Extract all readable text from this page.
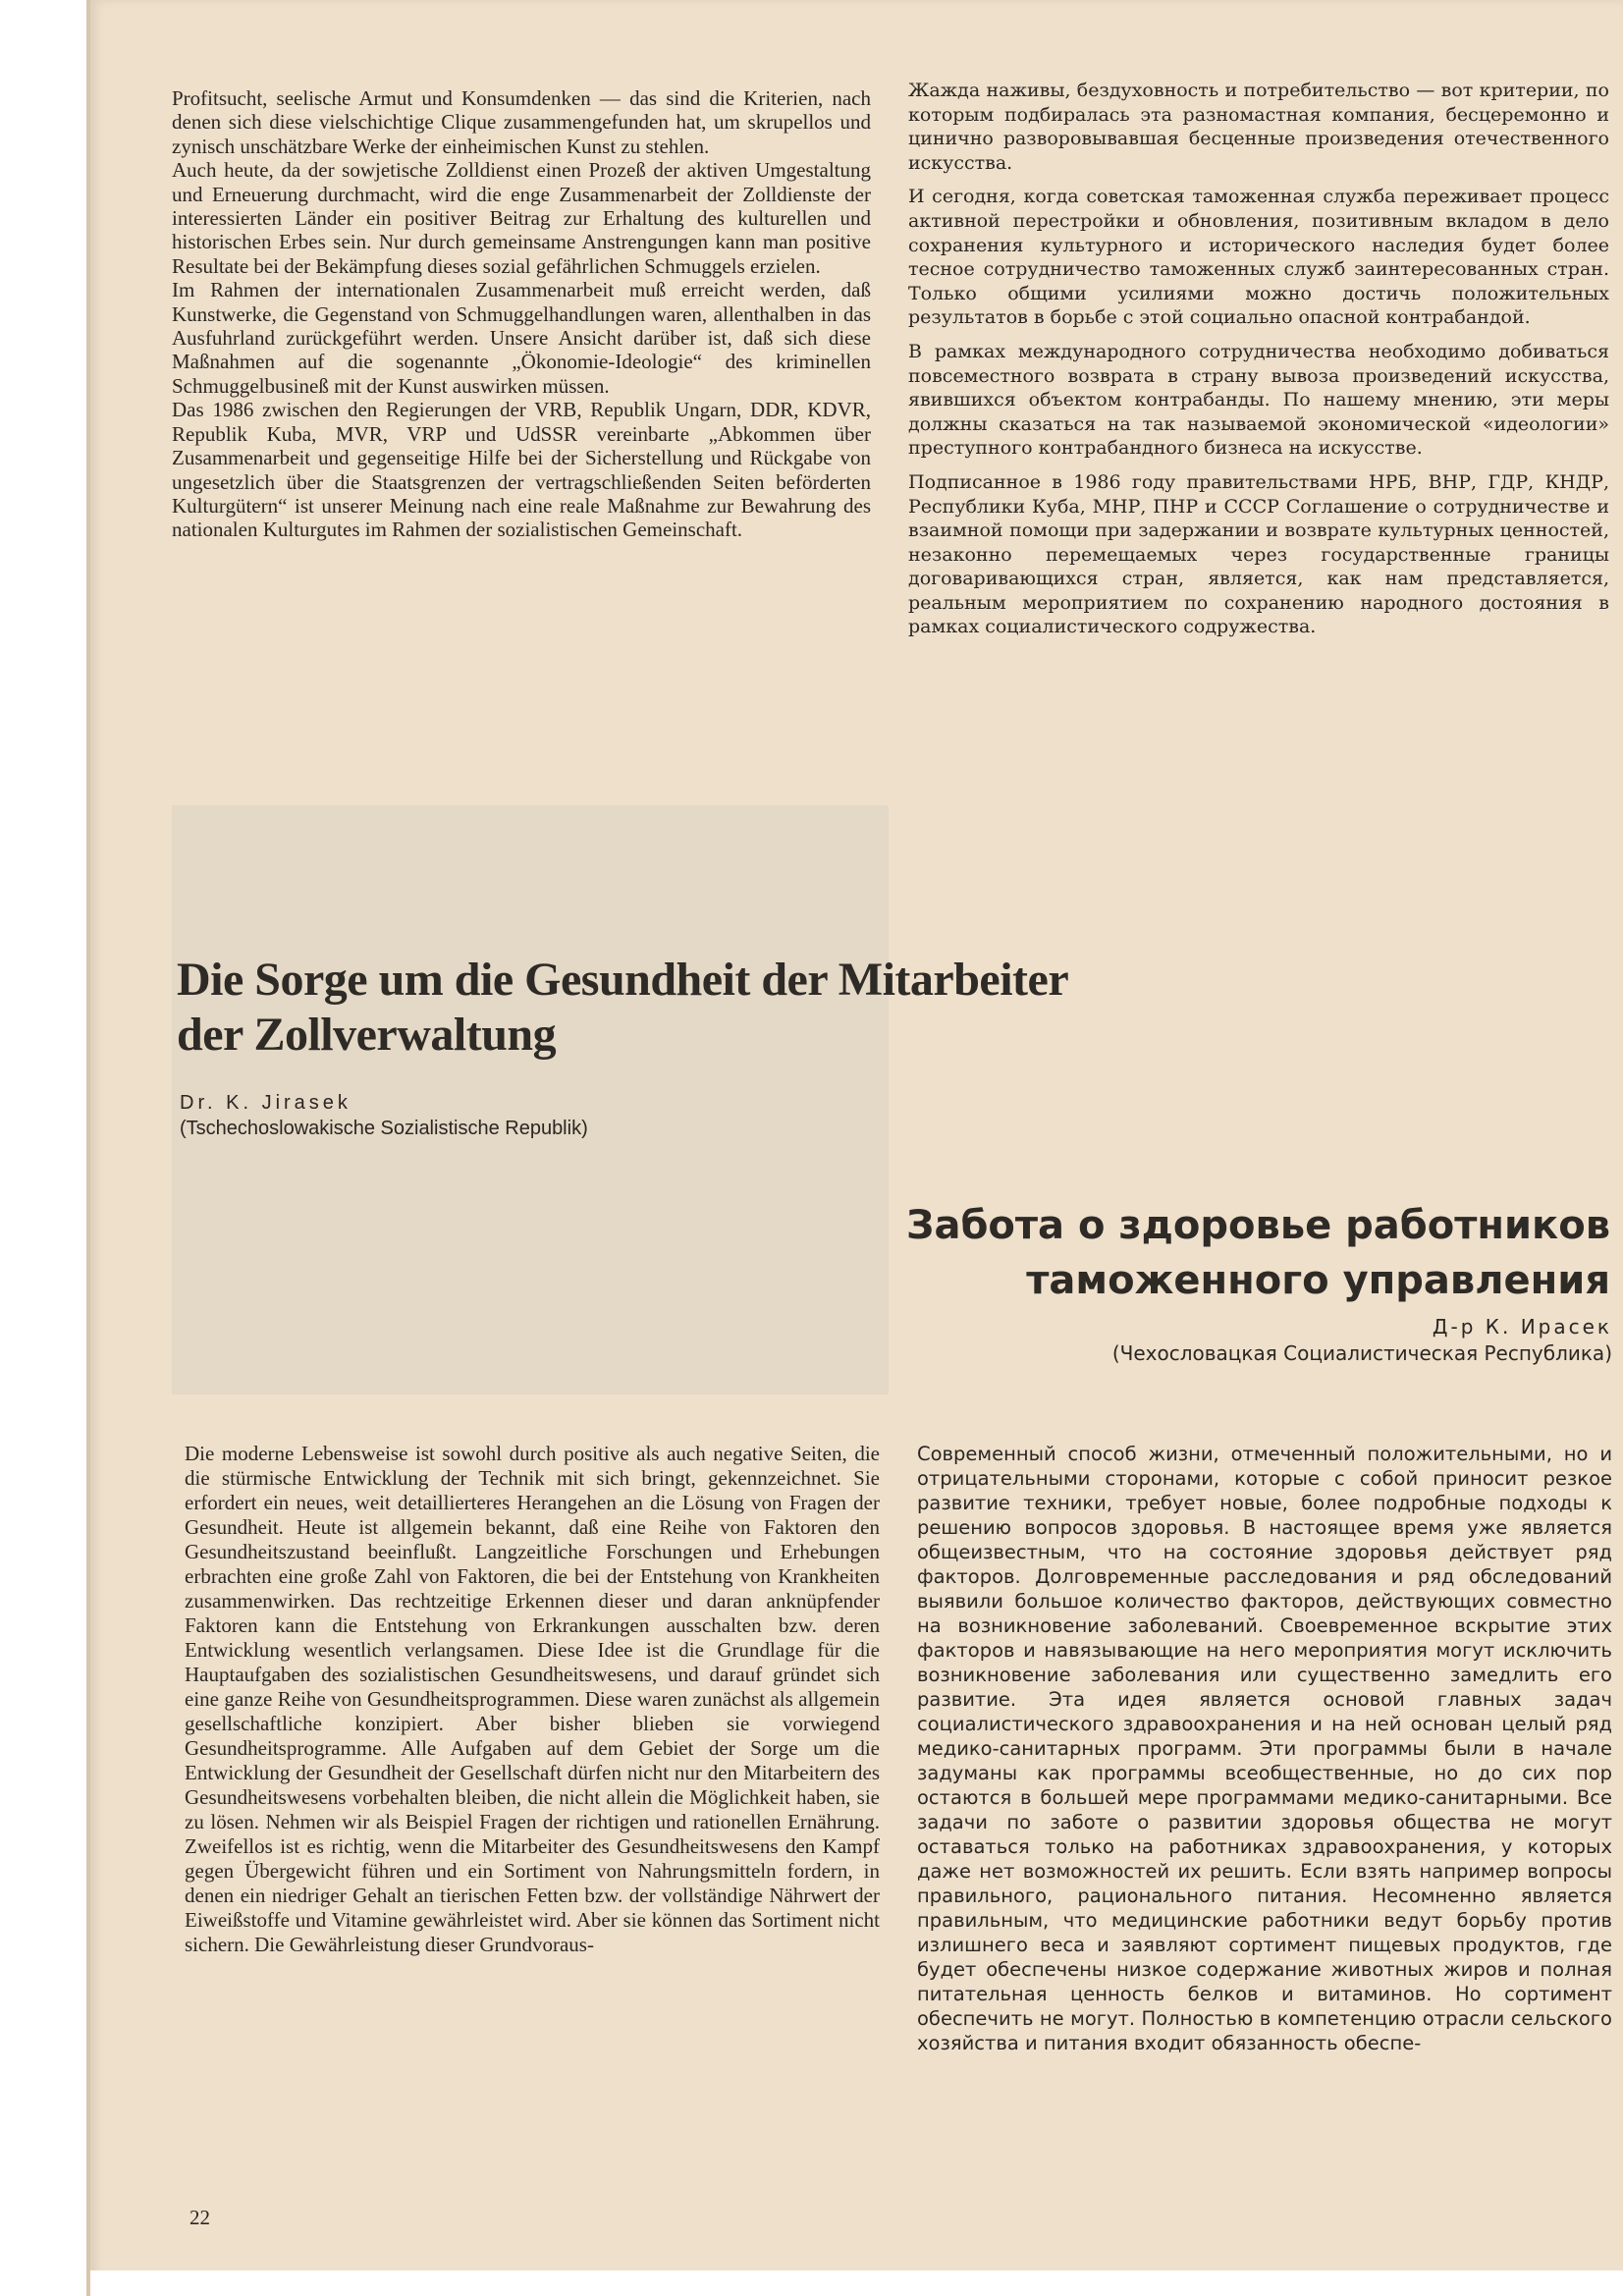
Profitsucht, seelische Armut und Konsumdenken — das sind die Kriterien, nach denen sich diese vielschichtige Clique zusammengefunden hat, um skrupellos und zynisch unschätzbare Werke der einheimischen Kunst zu stehlen.

Auch heute, da der sowjetische Zolldienst einen Prozeß der aktiven Umgestaltung und Erneuerung durchmacht, wird die enge Zusammenarbeit der Zolldienste der interessierten Länder ein positiver Beitrag zur Erhaltung des kulturellen und historischen Erbes sein. Nur durch gemeinsame Anstrengungen kann man positive Resultate bei der Bekämpfung dieses sozial gefährlichen Schmuggels erzielen.

Im Rahmen der internationalen Zusammenarbeit muß erreicht werden, daß Kunstwerke, die Gegenstand von Schmuggelhandlungen waren, allenthalben in das Ausfuhrland zurückgeführt werden. Unsere Ansicht darüber ist, daß sich diese Maßnahmen auf die sogenannte „Ökonomie-Ideologie“ des kriminellen Schmuggelbusineß mit der Kunst auswirken müssen.

Das 1986 zwischen den Regierungen der VRB, Republik Ungarn, DDR, KDVR, Republik Kuba, MVR, VRP und UdSSR vereinbarte „Abkommen über Zusammenarbeit und gegenseitige Hilfe bei der Sicherstellung und Rückgabe von ungesetzlich über die Staatsgrenzen der vertragschließenden Seiten beförderten Kulturgütern“ ist unserer Meinung nach eine reale Maßnahme zur Bewahrung des nationalen Kulturgutes im Rahmen der sozialistischen Gemeinschaft.

Жажда наживы, бездуховность и потребительство — вот критерии, по которым подбиралась эта разномастная компания, бесцеремонно и цинично разворовывавшая бесценные произведения отечественного искусства.

И сегодня, когда советская таможенная служба переживает процесс активной перестройки и обновления, позитивным вкладом в дело сохранения культурного и исторического наследия будет более тесное сотрудничество таможенных служб заинтересованных стран. Только общими усилиями можно достичь положительных результатов в борьбе с этой социально опасной контрабандой.

В рамках международного сотрудничества необходимо добиваться повсеместного возврата в страну вывоза произведений искусства, явившихся объектом контрабанды. По нашему мнению, эти меры должны сказаться на так называемой экономической «идеологии» преступного контрабандного бизнеса на искусстве.

Подписанное в 1986 году правительствами НРБ, ВНР, ГДР, КНДР, Республики Куба, МНР, ПНР и СССР Соглашение о сотрудничестве и взаимной помощи при задержании и возврате культурных ценностей, незаконно перемещаемых через государственные границы договаривающихся стран, является, как нам представляется, реальным мероприятием по сохранению народного достояния в рамках социалистического содружества.

Die Sorge um die Gesundheit der Mitarbeiter
der Zollverwaltung
Dr. K. Jirasek
(Tschechoslowakische Sozialistische Republik)
Забота о здоровье работников
таможенного управления
Д-р К. Ирасек
(Чехословацкая Социалистическая Республика)

Die moderne Lebensweise ist sowohl durch positive als auch negative Seiten, die die stürmische Entwicklung der Technik mit sich bringt, gekennzeichnet. Sie erfordert ein neues, weit detaillierteres Herangehen an die Lösung von Fragen der Gesundheit. Heute ist allgemein bekannt, daß eine Reihe von Faktoren den Gesundheitszustand beeinflußt. Langzeitliche Forschungen und Erhebungen erbrachten eine große Zahl von Faktoren, die bei der Entstehung von Krankheiten zusammenwirken. Das rechtzeitige Erkennen dieser und daran anknüpfender Faktoren kann die Entstehung von Erkrankungen ausschalten bzw. deren Entwicklung wesentlich verlangsamen. Diese Idee ist die Grundlage für die Hauptaufgaben des sozialistischen Gesundheitswesens, und darauf gründet sich eine ganze Reihe von Gesundheitsprogrammen. Diese waren zunächst als allgemein gesellschaftliche konzipiert. Aber bisher blieben sie vorwiegend Gesundheitsprogramme. Alle Aufgaben auf dem Gebiet der Sorge um die Entwicklung der Gesundheit der Gesellschaft dürfen nicht nur den Mitarbeitern des Gesundheitswesens vorbehalten bleiben, die nicht allein die Möglichkeit haben, sie zu lösen. Nehmen wir als Beispiel Fragen der richtigen und rationellen Ernährung. Zweifellos ist es richtig, wenn die Mitarbeiter des Gesundheitswesens den Kampf gegen Übergewicht führen und ein Sortiment von Nahrungsmitteln fordern, in denen ein niedriger Gehalt an tierischen Fetten bzw. der vollständige Nährwert der Eiweißstoffe und Vitamine gewährleistet wird. Aber sie können das Sortiment nicht sichern. Die Gewährleistung dieser Grundvoraus-

Современный способ жизни, отмеченный положительными, но и отрицательными сторонами, которые с собой приносит резкое развитие техники, требует новые, более подробные подходы к решению вопросов здоровья. В настоящее время уже является общеизвестным, что на состояние здоровья действует ряд факторов. Долговременные расследования и ряд обследований выявили большое количество факторов, действующих совместно на возникновение заболеваний. Своевременное вскрытие этих факторов и навязывающие на него мероприятия могут исключить возникновение заболевания или существенно замедлить его развитие. Эта идея является основой главных задач социалистического здравоохранения и на ней основан целый ряд медико-санитарных программ. Эти программы были в начале задуманы как программы всеобщественные, но до сих пор остаются в большей мере программами медико-санитарными. Все задачи по заботе о развитии здоровья общества не могут оставаться только на работниках здравоохранения, у которых даже нет возможностей их решить. Если взять например вопросы правильного, рационального питания. Несомненно является правильным, что медицинские работники ведут борьбу против излишнего веса и заявляют сортимент пищевых продуктов, где будет обеспечены низкое содержание животных жиров и полная питательная ценность белков и витаминов. Но сортимент обеспечить не могут. Полностью в компетенцию отрасли сельского хозяйства и питания входит обязанность обеспе-

22
